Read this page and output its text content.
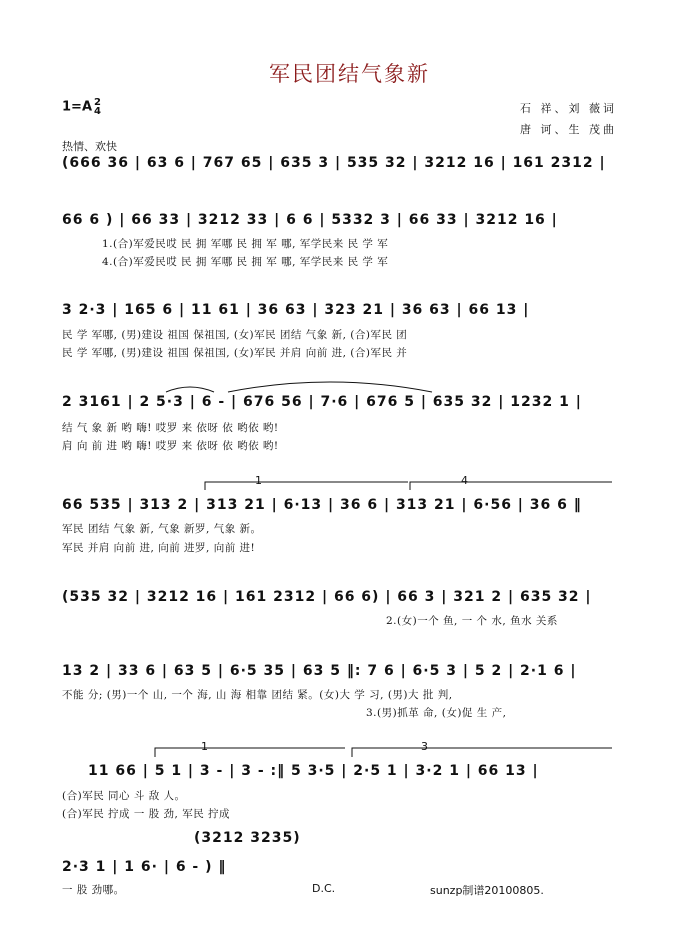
军民团结气象新
1=A 2
4	石 祥、刘 薇词
唐 诃、生 茂曲
热情、欢快
(666 36 | 63 6 | 767 65 | 635 3 | 535 32 | 3212 16 | 161 2312 |
66 6 ) | 66 33 | 3212 33 | 6 6 | 5332 3 | 66 33 | 3212 16 |
1.(合)军爱民哎 民 拥 军哪 民 拥 军 哪, 军学民来 民 学 军
4.(合)军爱民哎 民 拥 军哪 民 拥 军 哪, 军学民来 民 学 军
3 2·3 | 165 6 | 11 61 | 36 63 | 323 21 | 36 63 | 66 13 |
民 学 军哪, (男)建设 祖国 保祖国, (女)军民 团结 气象 新, (合)军民 团
民 学 军哪, (男)建设 祖国 保祖国, (女)军民 并肩 向前 进, (合)军民 并
2 3161 | 2 5·3 | 6 - | 676 56 | 7·6 | 676 5 | 635 32 | 1232 1 |
结 气 象 新 哟 嗨! 哎罗 来 依呀 依 哟依 哟!
肩 向 前 进 哟 嗨! 哎罗 来 依呀 依 哟依 哟!
1	4
66 535 | 313 2 | 313 21 | 6·13 | 36 6 | 313 21 | 6·56 | 36 6 ‖
军民 团结 气象 新, 气象 新罗, 气象 新。
军民 并肩 向前 进, 向前 进罗, 向前 进!
(535 32 | 3212 16 | 161 2312 | 66 6) | 66 3 | 321 2 | 635 32 |
2.(女)一个 鱼, 一 个 水, 鱼水 关系
13 2 | 33 6 | 63 5 | 6·5 35 | 63 5 ‖: 7 6 | 6·5 3 | 5 2 | 2·1 6 |
不能 分; (男)一个 山, 一个 海, 山 海 相靠 团结 紧。(女)大 学 习, (男)大 批 判,
3.(男)抓革 命, (女)促 生 产,
1	3
11 66 | 5 1 | 3 - | 3 - :‖ 5 3·5 | 2·5 1 | 3·2 1 | 66 13 |
(合)军民 同心 斗 敌 人。
(合)军民 拧成 一 股 劲, 军民 拧成
(3212 3235)
2·3 1 | 1 6· | 6 - ) ‖
一 股 劲哪。	D.C.	sunzp制谱20100805.
